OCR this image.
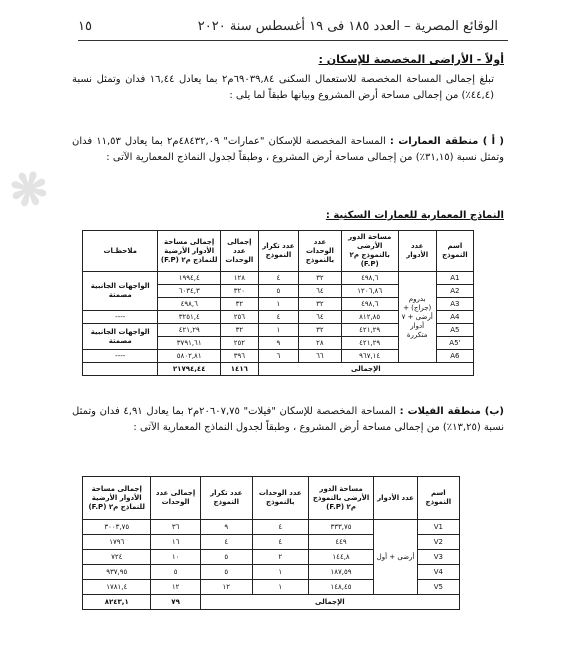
الوقائع المصرية – العدد ١٨٥ فى ١٩ أغسطس سنة ٢٠٢٠
١٥
❋

أولاً - الأراضى المخصصة للإسكان :

تبلغ إجمالى المساحة المخصصة للاستعمال السكنى ٦٩٠٣٩,٨٤م٢ بما يعادل ١٦,٤٤ فدان وتمثل نسبة (٤٤,٤٪) من إجمالى مساحة أرض المشروع وبيانها طبقاً لما يلى :

( أ ) منطقة العمارات : المساحة المخصصة للإسكان "عمارات" ٤٨٤٣٢,٠٩م٢ بما يعادل ١١,٥٣ فدان وتمثل نسبة (٣١,١٥٪) من إجمالى مساحة أرض المشروع ، وطبقاً لجدول النماذج المعمارية الآتى :

النماذج المعمارية للعمارات السكنية :
اسم النموذج	عدد الأدوار	مساحة الدور الأرضى بالنموذج م٢ (F.P)	عدد الوحدات بالنموذج	عدد تكرار النموذج	إجمالى عدد الوحدات	إجمالى مساحة الأدوار الأرضية للنماذج م٢ (F.P)	ملاحظـات
A1	بدروم (جراج) + أرضى + ٧ أدوار متكررة	٤٩٨,٦	٣٢	٤	١٢٨	١٩٩٤,٤	الواجهات الجانبية مصمتة
A2		١٢٠٦,٨٦	٦٤	٥	٣٢٠	٦٠٣٤,٣	
A3		٤٩٨,٦	٣٢	١	٣٢	٤٩٨,٦	
A4		٨١٢,٨٥	٦٤	٤	٢٥٦	٣٢٥١,٤	----
A5		٤٢١,٢٩	٣٢	١	٣٢	٤٢١,٢٩	الواجهات الجانبية مصمتة
A5'		٤٢١,٢٩	٢٨	٩	٢٥٢	٣٧٩١,٦١	
A6		٩٦٧,١٤	٦٦	٦	٣٩٦	٥٨٠٢,٨١	----
الإجمالى					١٤١٦	٢١٧٩٤,٤٤	

(ب) منطقة الفيلات : المساحة المخصصة للإسكان "فيلات" ٢٠٦٠٧,٧٥م٢ بما يعادل ٤,٩١ فدان وتمثل نسبة (١٣,٢٥٪) من إجمالى مساحة أرض المشروع ، وطبقاً لجدول النماذج المعمارية الآتى :

اسم النموذج	عدد الأدوار	مساحة الدور الأرضى بالنموذج م٢ (F.P)	عدد الوحدات بالنموذج	عدد تكرار النموذج	إجمالى عدد الوحدات	إجمالى مساحة الأدوار الأرضية للنماذج م٢ (F.P)
V1	أرضى + أول	٣٣٣,٧٥	٤	٩	٣٦	٣٠٠٣,٧٥
V2		٤٤٩	٤	٤	١٦	١٧٩٦
V3		١٤٤,٨	٢	٥	١٠	٧٢٤
V4		١٨٧,٥٩	١	٥	٥	٩٣٧,٩٥
V5		١٤٨,٤٥	١	١٢	١٢	١٧٨١,٤
الإجمالى					٧٩	٨٢٤٣,١
